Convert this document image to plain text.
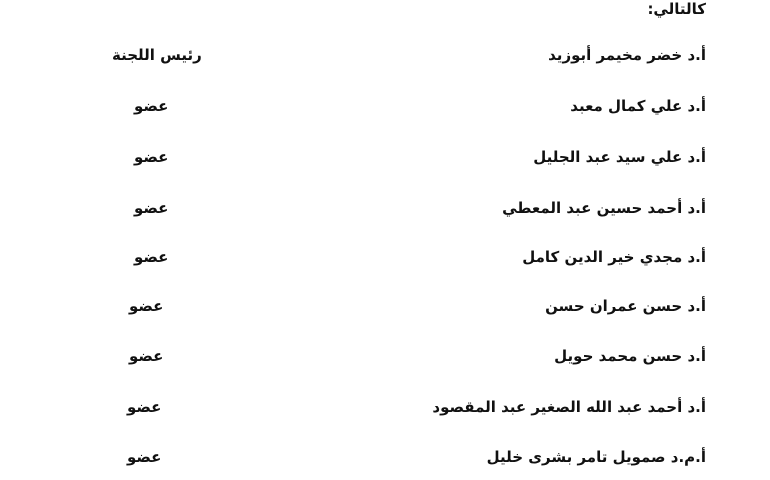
كالتالي:
أ.د خضر مخيمر أبوزيد
رئيس اللجنة
أ.د علي كمال معبد
عضو
أ.د علي سيد عبد الجليل
عضو
أ.د أحمد حسين عبد المعطي
عضو
أ.د مجدي خير الدين كامل
عضو
أ.د حسن عمران حسن
عضو
أ.د حسن محمد حويل
عضو
أ.د أحمد عبد الله الصغير عبد المقصود
عضو
أ.م.د صمويل تامر بشرى خليل
عضو
